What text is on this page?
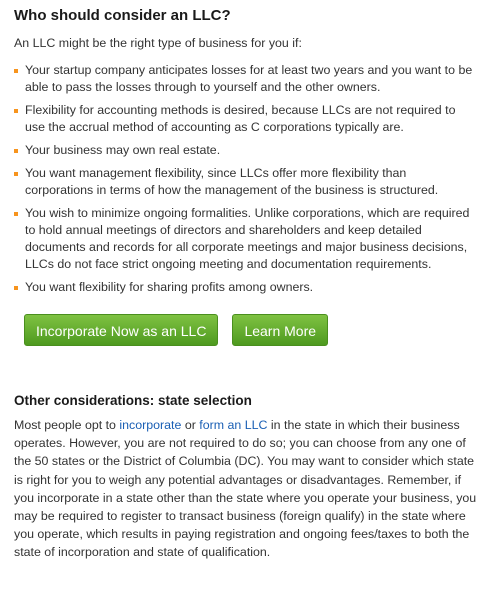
Who should consider an LLC?

An LLC might be the right type of business for you if:

Your startup company anticipates losses for at least two years and you want to be able to pass the losses through to yourself and the other owners.
Flexibility for accounting methods is desired, because LLCs are not required to use the accrual method of accounting as C corporations typically are.
Your business may own real estate.
You want management flexibility, since LLCs offer more flexibility than corporations in terms of how the management of the business is structured.
You wish to minimize ongoing formalities. Unlike corporations, which are required to hold annual meetings of directors and shareholders and keep detailed documents and records for all corporate meetings and major business decisions, LLCs do not face strict ongoing meeting and documentation requirements.
You want flexibility for sharing profits among owners.
Incorporate Now as an LLC	Learn More
Other considerations: state selection

Most people opt to incorporate or form an LLC in the state in which their business operates. However, you are not required to do so; you can choose from any one of the 50 states or the District of Columbia (DC). You may want to consider which state is right for you to weigh any potential advantages or disadvantages. Remember, if you incorporate in a state other than the state where you operate your business, you may be required to register to transact business (foreign qualify) in the state where you operate, which results in paying registration and ongoing fees/taxes to both the state of incorporation and state of qualification.
